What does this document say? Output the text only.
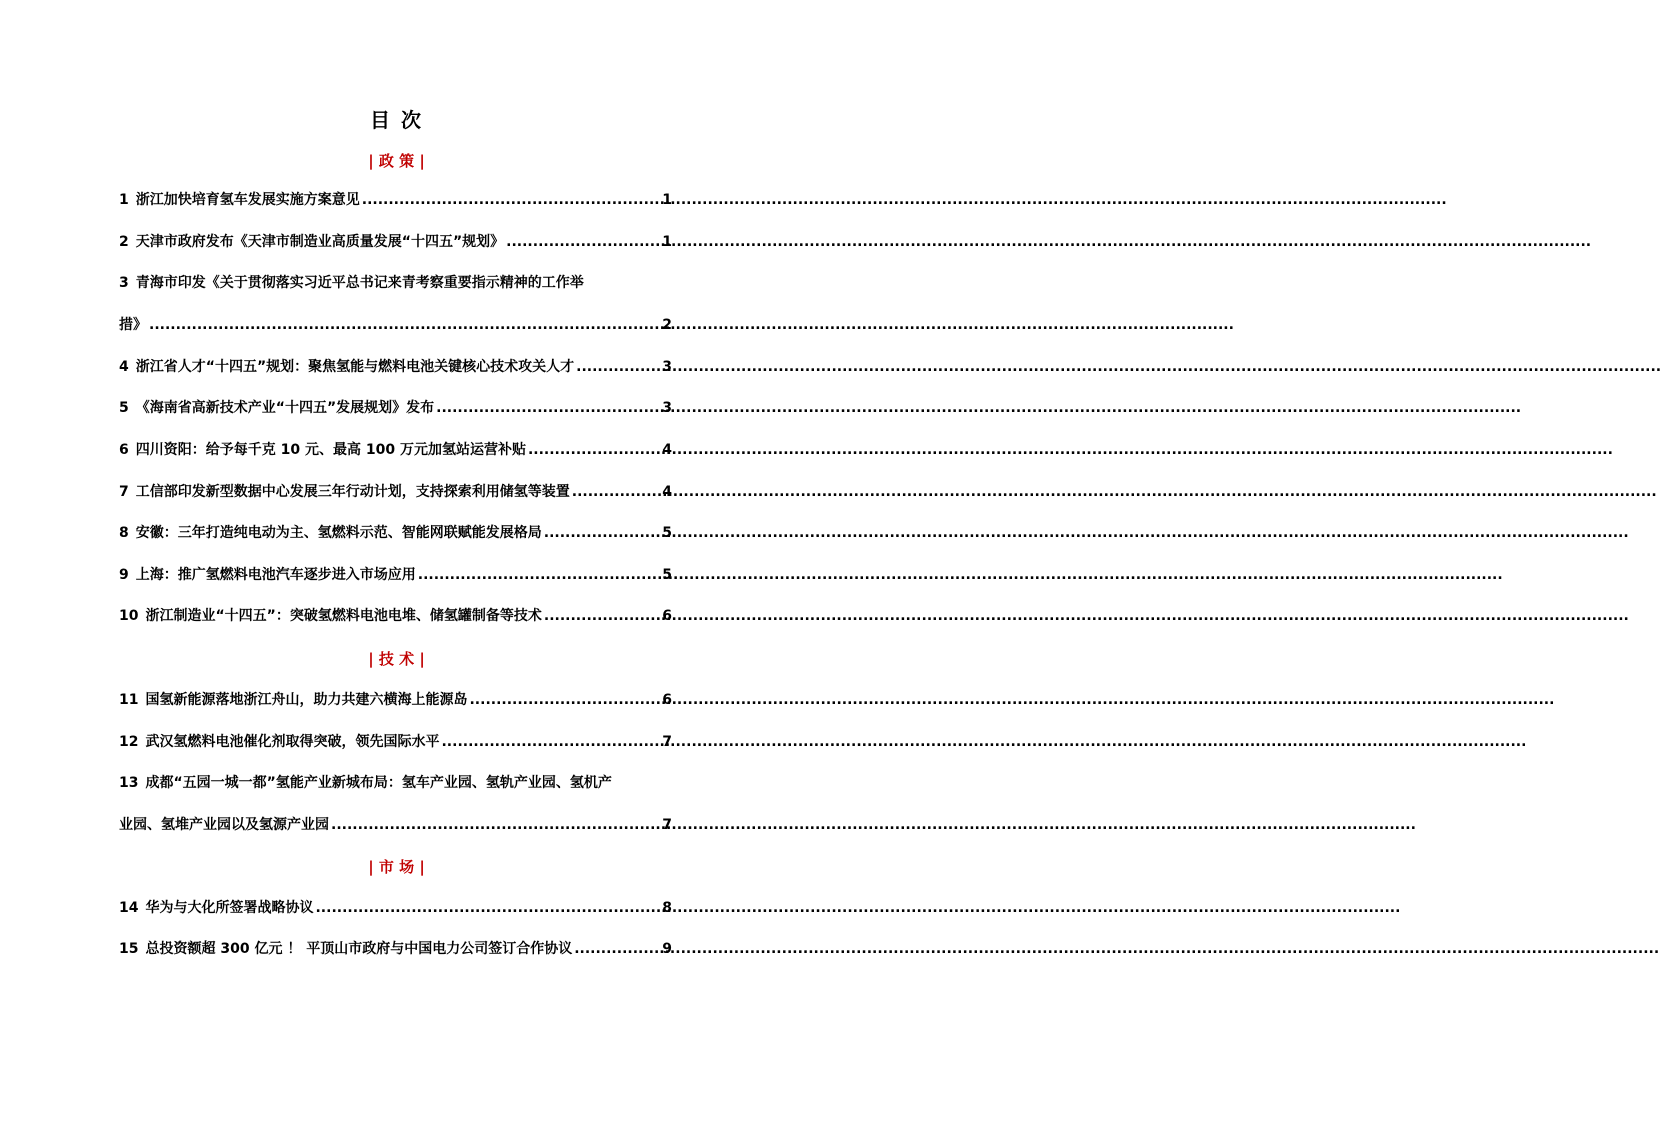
目 次
| 政 策 |
1 浙江加快培育氢车发展实施方案意见 .....	1
2 天津市政府发布《天津市制造业高质量发展“十四五”规划》 .....	1
3 青海市印发《关于贯彻落实习近平总书记来青考察重要指示精神的工作举
措》 .....	2
4 浙江省人才“十四五”规划：聚焦氢能与燃料电池关键核心技术攻关人才 .....	3
5 《海南省高新技术产业“十四五”发展规划》发布 .....	3
6 四川资阳：给予每千克 10 元、最高 100 万元加氢站运营补贴 .....	4
7 工信部印发新型数据中心发展三年行动计划，支持探索利用储氢等装置 .....	4
8 安徽：三年打造纯电动为主、氢燃料示范、智能网联赋能发展格局 .....	5
9 上海：推广氢燃料电池汽车逐步进入市场应用 .....	5
10 浙江制造业“十四五”：突破氢燃料电池电堆、储氢罐制备等技术 .....	6
| 技 术 |
11 国氢新能源落地浙江舟山，助力共建六横海上能源岛 .....	6
12 武汉氢燃料电池催化剂取得突破，领先国际水平 .....	7
13 成都“五园一城一都”氢能产业新城布局：氢车产业园、氢轨产业园、氢机产
业园、氢堆产业园以及氢源产业园 .....	7
| 市 场 |
14 华为与大化所签署战略协议 .....	8
15 总投资额超 300 亿元 ！ 平顶山市政府与中国电力公司签订合作协议 .....	9
